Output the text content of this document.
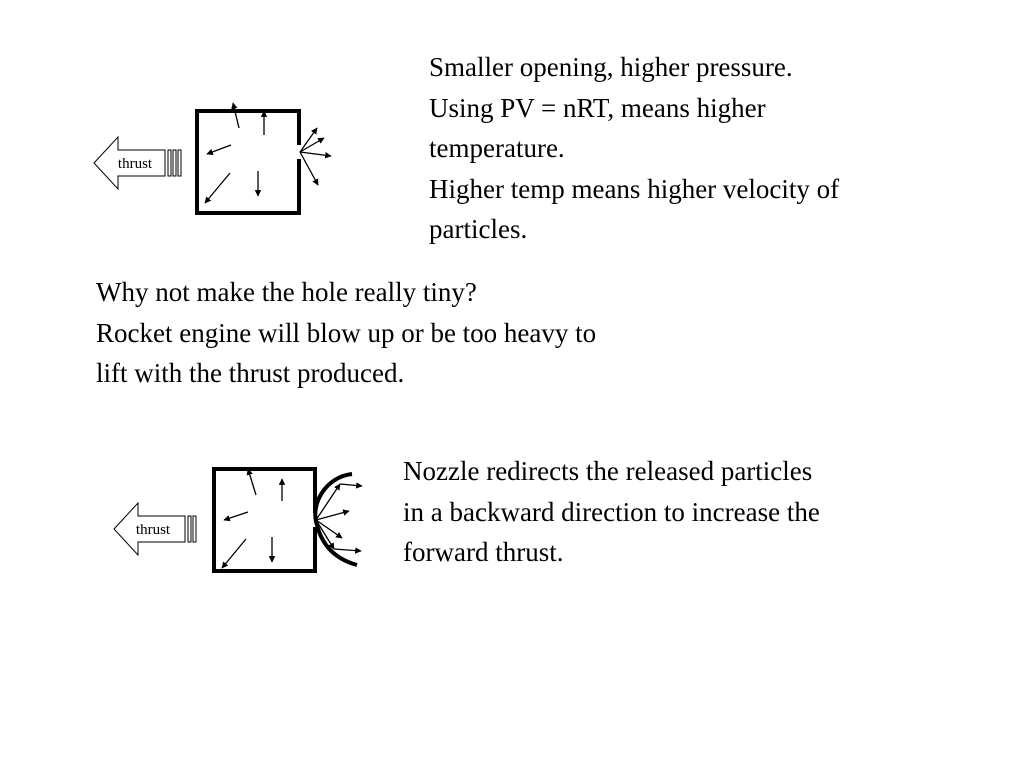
Smaller opening, higher pressure.
Using PV = nRT, means higher
temperature.
Higher temp means higher velocity of
particles.
Why not make the hole really tiny?
Rocket engine will blow up or be too heavy to
lift with the thrust produced.
Nozzle redirects the released particles
in a backward direction to increase the
forward thrust.
thrust
thrust
